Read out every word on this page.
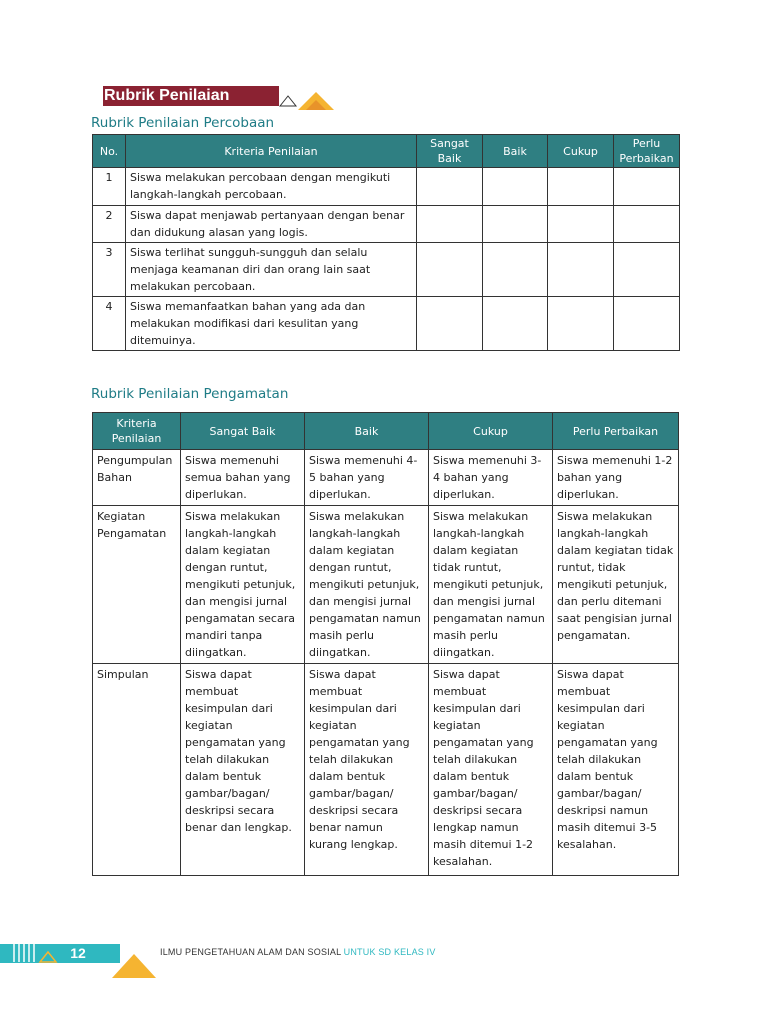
Rubrik Penilaian
Rubrik Penilaian Percobaan
No.	Kriteria Penilaian	Sangat Baik	Baik	Cukup	Perlu Perbaikan
1	Siswa melakukan percobaan dengan mengikuti langkah-langkah percobaan.				
2	Siswa dapat menjawab pertanyaan dengan benar dan didukung alasan yang logis.				
3	Siswa terlihat sungguh-sungguh dan selalu menjaga keamanan diri dan orang lain saat melakukan percobaan.				
4	Siswa memanfaatkan bahan yang ada dan melakukan modifikasi dari kesulitan yang ditemuinya.				
Rubrik Penilaian Pengamatan
Kriteria Penilaian	Sangat Baik	Baik	Cukup	Perlu Perbaikan
Pengumpulan Bahan	Siswa memenuhi semua bahan yang diperlukan.	Siswa memenuhi 4-5 bahan yang diperlukan.	Siswa memenuhi 3-4 bahan yang diperlukan.	Siswa memenuhi 1-2 bahan yang diperlukan.
Kegiatan Pengamatan	Siswa melakukan langkah-langkah dalam kegiatan dengan runtut, mengikuti petunjuk, dan mengisi jurnal pengamatan secara mandiri tanpa diingatkan.	Siswa melakukan langkah-langkah dalam kegiatan dengan runtut, mengikuti petunjuk, dan mengisi jurnal pengamatan namun masih perlu diingatkan.	Siswa melakukan langkah-langkah dalam kegiatan tidak runtut, mengikuti petunjuk, dan mengisi jurnal pengamatan namun masih perlu diingatkan.	Siswa melakukan langkah-langkah dalam kegiatan tidak runtut, tidak mengikuti petunjuk, dan perlu ditemani saat pengisian jurnal pengamatan.
Simpulan	Siswa dapat membuat kesimpulan dari kegiatan pengamatan yang telah dilakukan dalam bentuk gambar/bagan/ deskripsi secara benar dan lengkap.	Siswa dapat membuat kesimpulan dari kegiatan pengamatan yang telah dilakukan dalam bentuk gambar/bagan/ deskripsi secara benar namun kurang lengkap.	Siswa dapat membuat kesimpulan dari kegiatan pengamatan yang telah dilakukan dalam bentuk gambar/bagan/ deskripsi secara lengkap namun masih ditemui 1-2 kesalahan.	Siswa dapat membuat kesimpulan dari kegiatan pengamatan yang telah dilakukan dalam bentuk gambar/bagan/ deskripsi namun masih ditemui 3-5 kesalahan.
12	ILMU PENGETAHUAN ALAM DAN SOSIAL UNTUK SD KELAS IV
